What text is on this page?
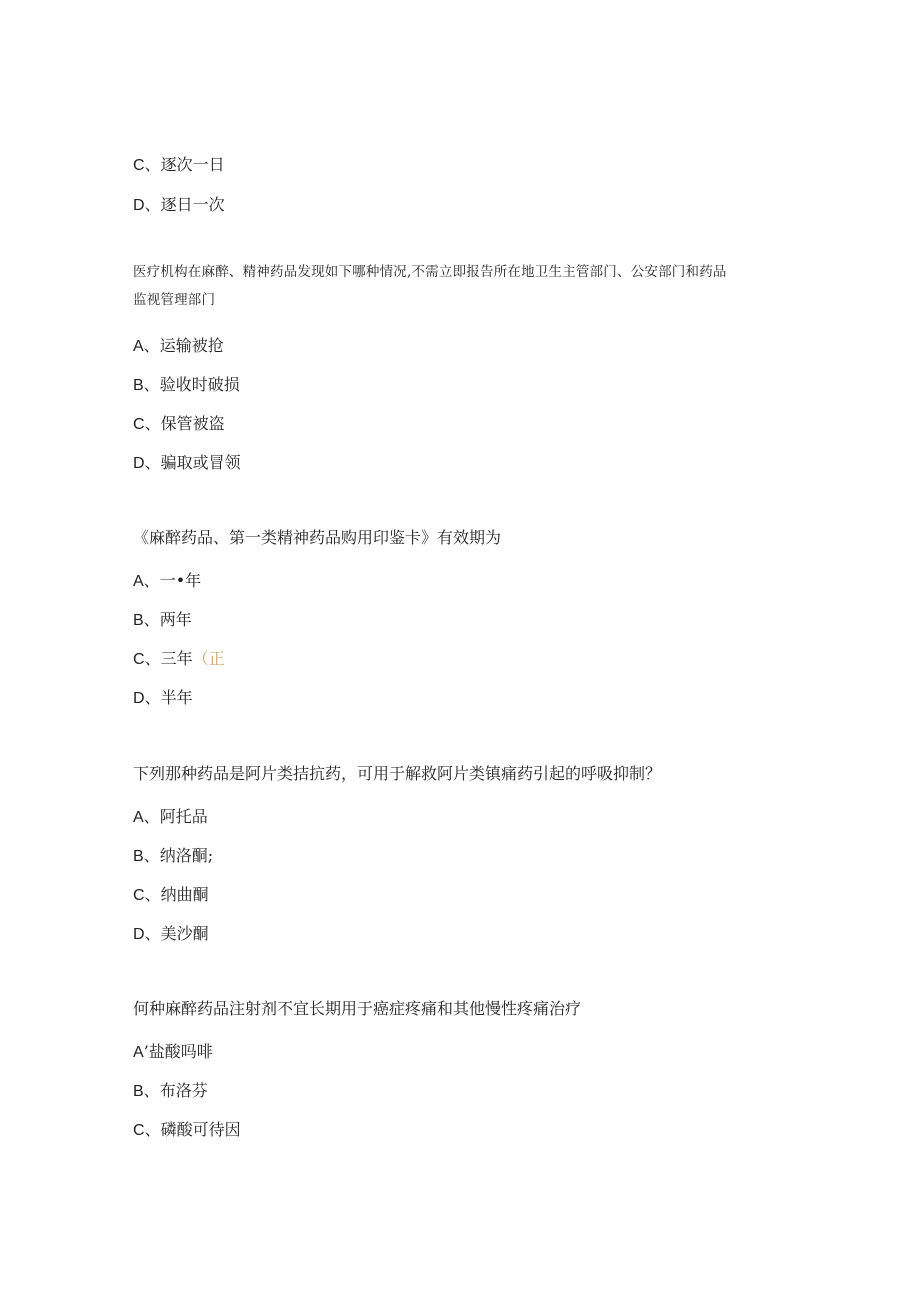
C、逐次一日
D、逐日一次
医疗机构在麻醉、精神药品发现如下哪种情况,不需立即报告所在地卫生主管部门、公安部门和药品
监视管理部门
A、运输被抢
B、验收时破损
C、保管被盗
D、骗取或冒领
《麻醉药品、第一类精神药品购用印鉴卡》有效期为
A、一•年
B、两年
C、三年（正
D、半年
下列那种药品是阿片类拮抗药，可用于解救阿片类镇痛药引起的呼吸抑制？
A、阿托品
B、纳洛酮;
C、纳曲酮
D、美沙酮
何种麻醉药品注射剂不宜长期用于癌症疼痛和其他慢性疼痛治疗
A’盐酸吗啡
B、布洛芬
C、磷酸可待因
